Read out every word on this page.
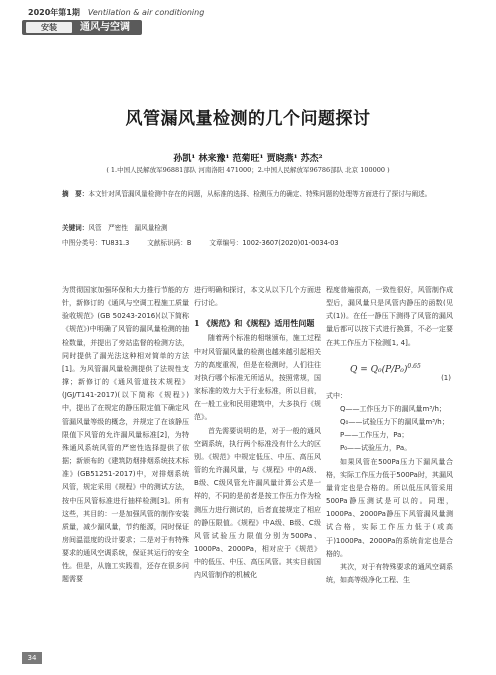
2020年第1期 Ventilation & air conditioning
安装	通风与空调
风管漏风量检测的几个问题探讨
孙凯¹ 林来豫¹ 范菊旺¹ 贾晓燕¹ 苏杰²
( 1.中国人民解放军96881部队 河南洛阳 471000；2.中国人民解放军96786部队 北京 100000 )
摘　要：本文针对风管漏风量检测中存在的问题，从标准的选择、检测压力的确定、特殊问题的处理等方面进行了探讨与阐述。
关键词：风管　严密性　漏风量检测
中图分类号：TU831.3	文献标识码：B	文章编号：1002-3607(2020)01-0034-03

为贯彻国家加强环保和大力推行节能的方针，新修订的《通风与空调工程施工质量验收规范》(GB 50243-2016)(以下简称《规范》)中明确了风管的漏风量检测的抽检数量，并提出了旁站监督的检测方法，同时提供了漏光法这种相对简单的方法[1]。为风管漏风量检测提供了法规性支撑；新修订的《通风管道技术规程》(JGJ/T141-2017)(以下简称《规程》)中，提出了在规定的静压限定值下确定风管漏风量等级的概念，并规定了在该静压限值下风管的允许漏风量标准[2]，为特殊通风系统风管的严密性选择提供了依据；新颁布的《建筑防烟排烟系统技术标准》(GB51251-2017)中，对排烟系统风管，规定采用《规程》中的测试方法，按中压风管标准进行抽样检测[3]。所有这些，其目的：一是加强风管的制作安装质量，减少漏风量，节约能源，同时保证房间温湿度的设计要求；二是对于有特殊要求的通风空调系统，保证其运行的安全性。但是，从施工实践看，还存在很多问题需要

进行明确和探讨，本文从以下几个方面进行讨论。

1 《规范》和《规程》适用性问题

随着两个标准的相继颁布，施工过程中对风管漏风量的检测也越来越引起相关方的高度重视，但是在检测时，人们往往对执行哪个标准无所适从，按照常规，国家标准的效力大于行业标准，所以目前，在一般工业和民用建筑中，大多执行《规范》。

首先需要说明的是，对于一般的通风空调系统，执行两个标准没有什么大的区别。《规范》中规定低压、中压、高压风管的允许漏风量，与《规程》中的A级、B级、C级风管允许漏风量计算公式是一样的，不同的是前者是按工作压力作为检测压力进行测试的，后者直接规定了相应的静压限值。《规程》中A级、B级、C级风管试验压力限值分别为500Pa、1000Pa、2000Pa，相对应于《规范》中的低压、中压、高压风管。其实目前国内风管制作的机械化

程度普遍很高，一致性很好，风管制作成型后，漏风量只是风管内静压的函数(见式(1))。在任一静压下测得了风管的漏风量后都可以按下式进行换算，不必一定要在其工作压力下检测[1, 4]。

$Q = Q_0(P/P_0)^{0.65}$
(1)

式中：

Q——工作压力下的漏风量m³/h；

Q₀——试验压力下的漏风量m³/h；

P——工作压力，Pa；

P₀——试验压力，Pa。

如果风管在500Pa压力下漏风量合格，实际工作压力低于500Pa时，其漏风量肯定也是合格的。所以低压风管采用500Pa静压测试是可以的。同理，1000Pa、2000Pa静压下风管漏风量测试合格，实际工作压力低于(或高于)1000Pa、2000Pa的系统肯定也是合格的。

其次，对于有特殊要求的通风空调系统，如高等级净化工程、生

34
